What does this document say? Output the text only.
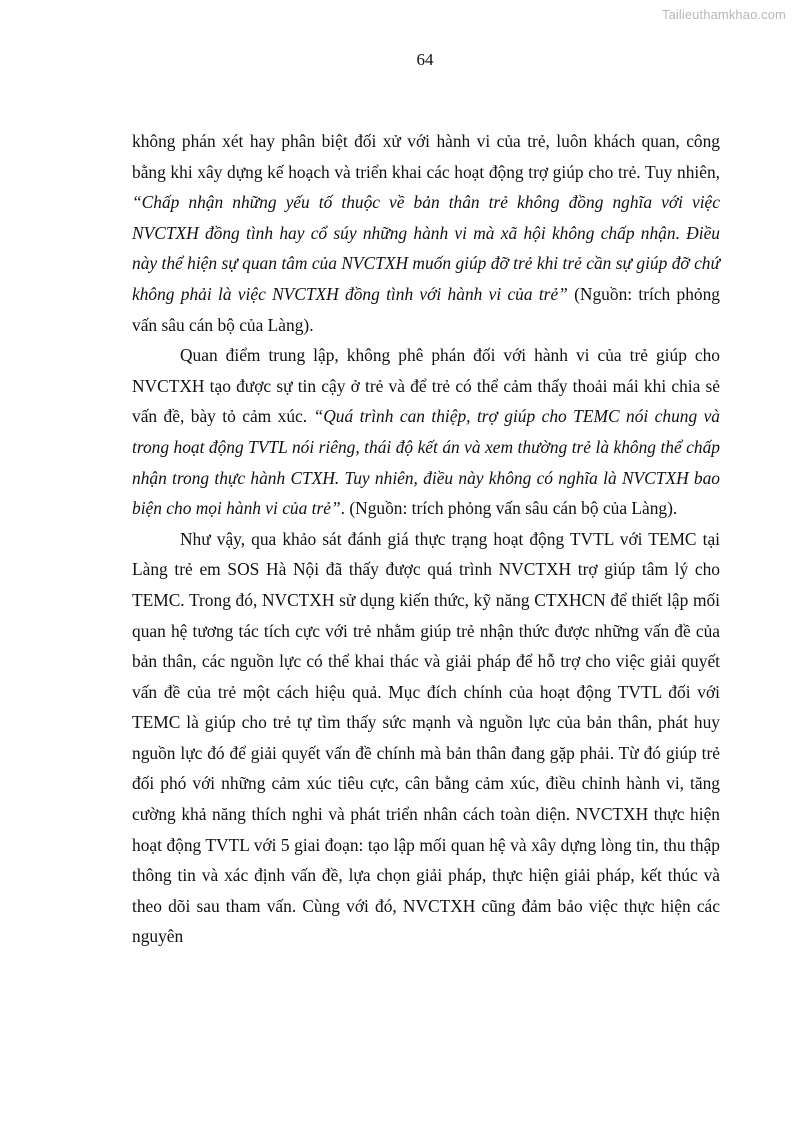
Tailieuthamkhao.com
64

không phán xét hay phân biệt đối xử với hành vi của trẻ, luôn khách quan, công bằng khi xây dựng kế hoạch và triển khai các hoạt động trợ giúp cho trẻ. Tuy nhiên, “Chấp nhận những yếu tố thuộc về bản thân trẻ không đồng nghĩa với việc NVCTXH đồng tình hay cổ súy những hành vi mà xã hội không chấp nhận. Điều này thể hiện sự quan tâm của NVCTXH muốn giúp đỡ trẻ khi trẻ cần sự giúp đỡ chứ không phải là việc NVCTXH đồng tình với hành vi của trẻ” (Nguồn: trích phỏng vấn sâu cán bộ của Làng).

Quan điểm trung lập, không phê phán đối với hành vi của trẻ giúp cho NVCTXH tạo được sự tin cậy ở trẻ và để trẻ có thể cảm thấy thoải mái khi chia sẻ vấn đề, bày tỏ cảm xúc. “Quá trình can thiệp, trợ giúp cho TEMC nói chung và trong hoạt động TVTL nói riêng, thái độ kết án và xem thường trẻ là không thể chấp nhận trong thực hành CTXH. Tuy nhiên, điều này không có nghĩa là NVCTXH bao biện cho mọi hành vi của trẻ”. (Nguồn: trích phỏng vấn sâu cán bộ của Làng).

Như vậy, qua khảo sát đánh giá thực trạng hoạt động TVTL với TEMC tại Làng trẻ em SOS Hà Nội đã thấy được quá trình NVCTXH trợ giúp tâm lý cho TEMC. Trong đó, NVCTXH sử dụng kiến thức, kỹ năng CTXHCN để thiết lập mối quan hệ tương tác tích cực với trẻ nhằm giúp trẻ nhận thức được những vấn đề của bản thân, các nguồn lực có thể khai thác và giải pháp để hỗ trợ cho việc giải quyết vấn đề của trẻ một cách hiệu quả. Mục đích chính của hoạt động TVTL đối với TEMC là giúp cho trẻ tự tìm thấy sức mạnh và nguồn lực của bản thân, phát huy nguồn lực đó để giải quyết vấn đề chính mà bản thân đang gặp phải. Từ đó giúp trẻ đối phó với những cảm xúc tiêu cực, cân bằng cảm xúc, điều chỉnh hành vi, tăng cường khả năng thích nghi và phát triển nhân cách toàn diện. NVCTXH thực hiện hoạt động TVTL với 5 giai đoạn: tạo lập mối quan hệ và xây dựng lòng tin, thu thập thông tin và xác định vấn đề, lựa chọn giải pháp, thực hiện giải pháp, kết thúc và theo dõi sau tham vấn. Cùng với đó, NVCTXH cũng đảm bảo việc thực hiện các nguyên
